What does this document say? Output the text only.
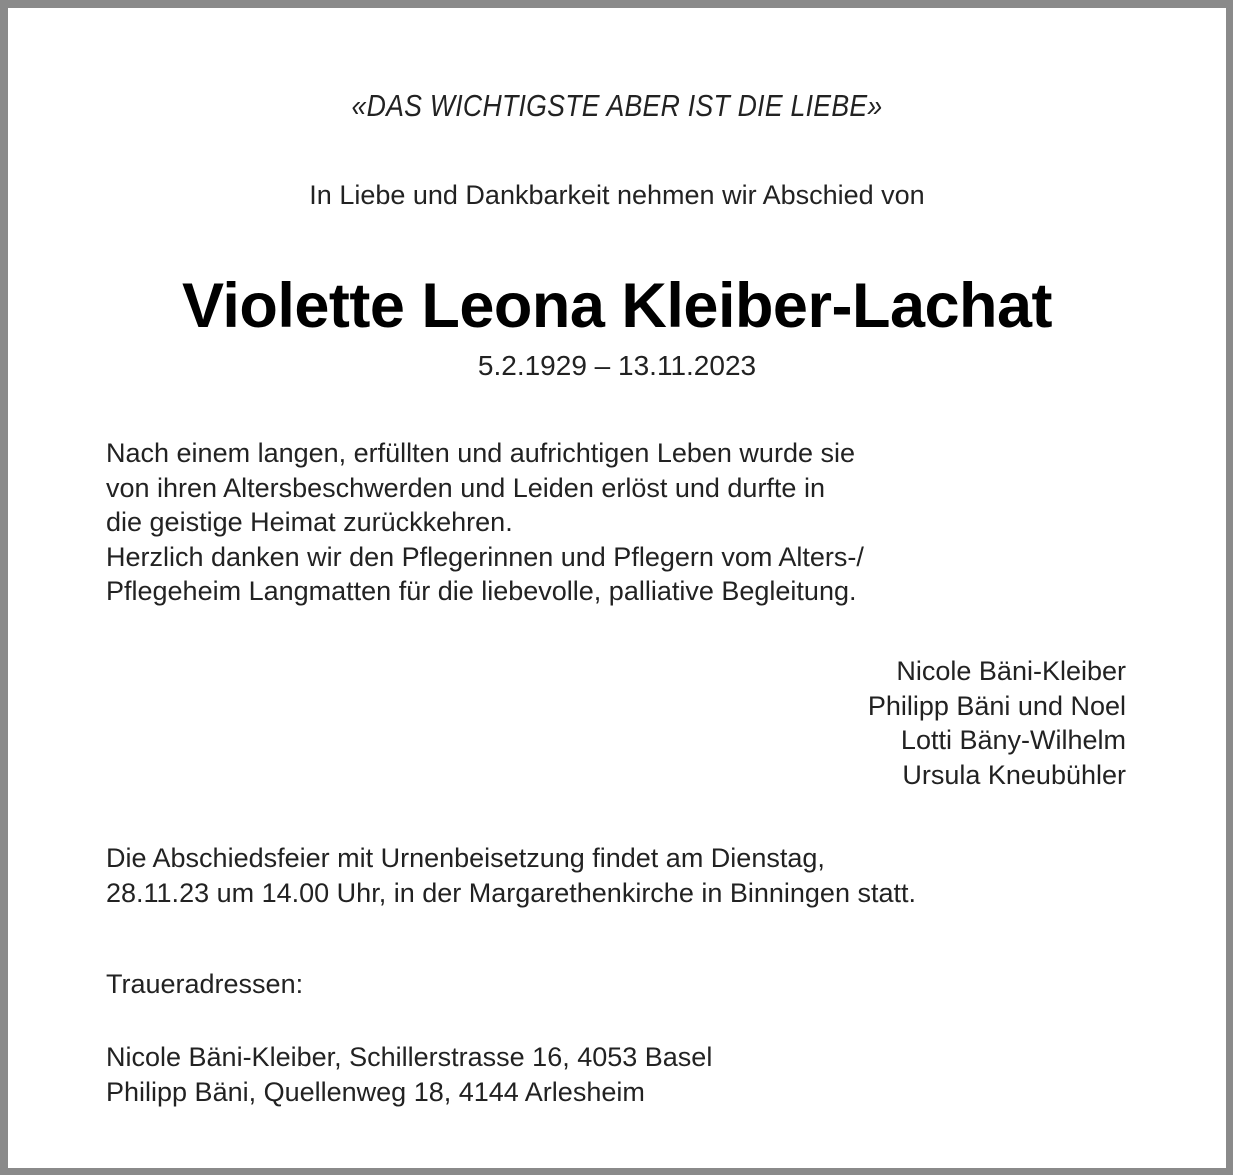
«DAS WICHTIGSTE ABER IST DIE LIEBE»
In Liebe und Dankbarkeit nehmen wir Abschied von
Violette Leona Kleiber-Lachat
5.2.1929 – 13.11.2023
Nach einem langen, erfüllten und aufrichtigen Leben wurde sie
von ihren Altersbeschwerden und Leiden erlöst und durfte in
die geistige Heimat zurückkehren.
Herzlich danken wir den Pflegerinnen und Pflegern vom Alters-/
Pflegeheim Langmatten für die liebevolle, palliative Begleitung.
Nicole Bäni-Kleiber
Philipp Bäni und Noel
Lotti Bäny-Wilhelm
Ursula Kneubühler
Die Abschiedsfeier mit Urnenbeisetzung findet am Dienstag,
28.11.23 um 14.00 Uhr, in der Margarethenkirche in Binningen statt.
Traueradressen:
Nicole Bäni-Kleiber, Schillerstrasse 16, 4053 Basel
Philipp Bäni, Quellenweg 18, 4144 Arlesheim
